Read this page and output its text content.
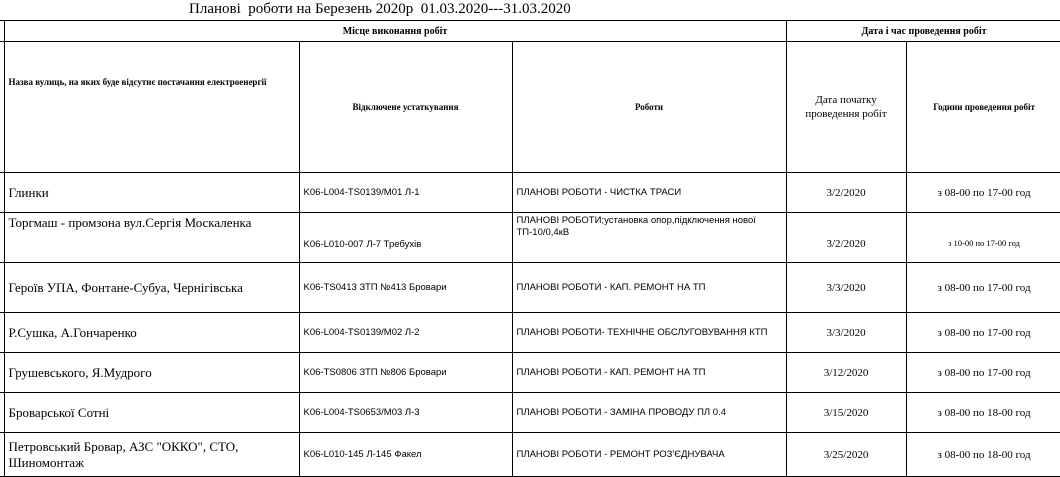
Планові  роботи на Березень 2020р  01.03.2020---31.03.2020
	Місце виконання робіт			Дата і час проведення робіт	
	Назва вулиць, на яких буде відсутнє постачання електроенергії	Відключене устаткування	Роботи	Дата початку проведення робіт	Години проведення робіт
	Глинки	K06-L004-TS0139/M01 Л-1	ПЛАНОВІ РОБОТИ - ЧИСТКА ТРАСИ	3/2/2020	з 08-00 по 17-00 год
	Торгмаш - промзона вул.Сергія Москаленка	K06-L010-007 Л-7 Требухів	ПЛАНОВІ РОБОТИ;установка опор,підключення нової ТП-10/0,4кВ	3/2/2020	з 10-00 по 17-00 год
	Героїв УПА, Фонтане-Субуа, Чернігівська	K06-TS0413 ЗТП №413 Бровари	ПЛАНОВІ РОБОТИ - КАП. РЕМОНТ НА ТП	3/3/2020	з 08-00 по 17-00 год
	Р.Сушка, А.Гончаренко	K06-L004-TS0139/M02 Л-2	ПЛАНОВІ РОБОТИ- ТЕХНІЧНЕ ОБСЛУГОВУВАННЯ КТП	3/3/2020	з 08-00 по 17-00 год
	Грушевського, Я.Мудрого	K06-TS0806 ЗТП №806 Бровари	ПЛАНОВІ РОБОТИ - КАП. РЕМОНТ НА ТП	3/12/2020	з 08-00 по 17-00 год
	Броварської Сотні	K06-L004-TS0653/M03 Л-3	ПЛАНОВІ РОБОТИ - ЗАМІНА ПРОВОДУ ПЛ 0.4	3/15/2020	з 08-00 по 18-00 год
	Петровський Бровар, АЗС "ОККО", СТО, Шиномонтаж	K06-L010-145 Л-145 Факел	ПЛАНОВІ РОБОТИ - РЕМОНТ РОЗ'ЄДНУВАЧА	3/25/2020	з 08-00 по 18-00 год
